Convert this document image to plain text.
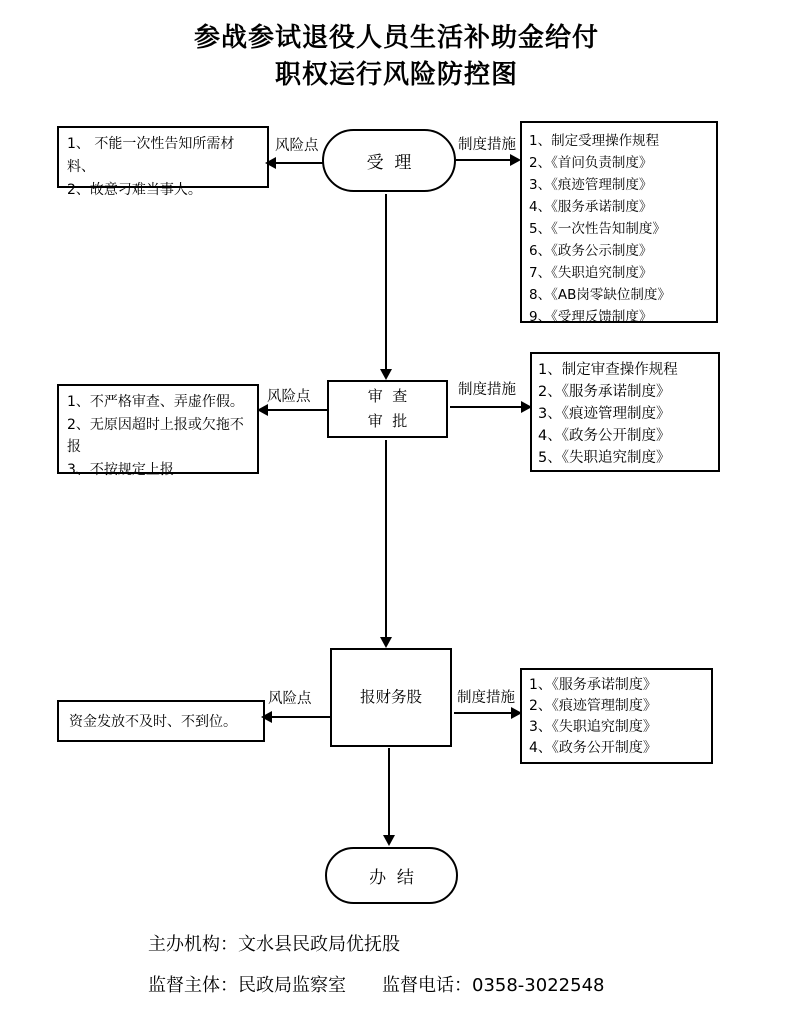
参战参试退役人员生活补助金给付
职权运行风险防控图
1、 不能一次性告知所需材料、
2、故意刁难当事人。
风险点
受  理
制度措施 1、制定受理操作规程
2、《首问负责制度》
3、《痕迹管理制度》
4、《服务承诺制度》
5、《一次性告知制度》
6、《政务公示制度》
7、《失职追究制度》
8、《AB岗零缺位制度》
9、《受理反馈制度》
1、不严格审查、弄虚作假。
2、无原因超时上报或欠拖不报
3、不按规定上报
风险点	审  查
审  批
制度措施
1、制定审查操作规程
2、《服务承诺制度》
3、《痕迹管理制度》
4、《政务公开制度》
5、《失职追究制度》
资金发放不及时、不到位。
风险点	报财务股	制度措施
1、《服务承诺制度》
2、《痕迹管理制度》
3、《失职追究制度》
4、《政务公开制度》
办  结
主办机构：文水县民政局优抚股
监督主体：民政局监察室 监督电话：0358-3022548
